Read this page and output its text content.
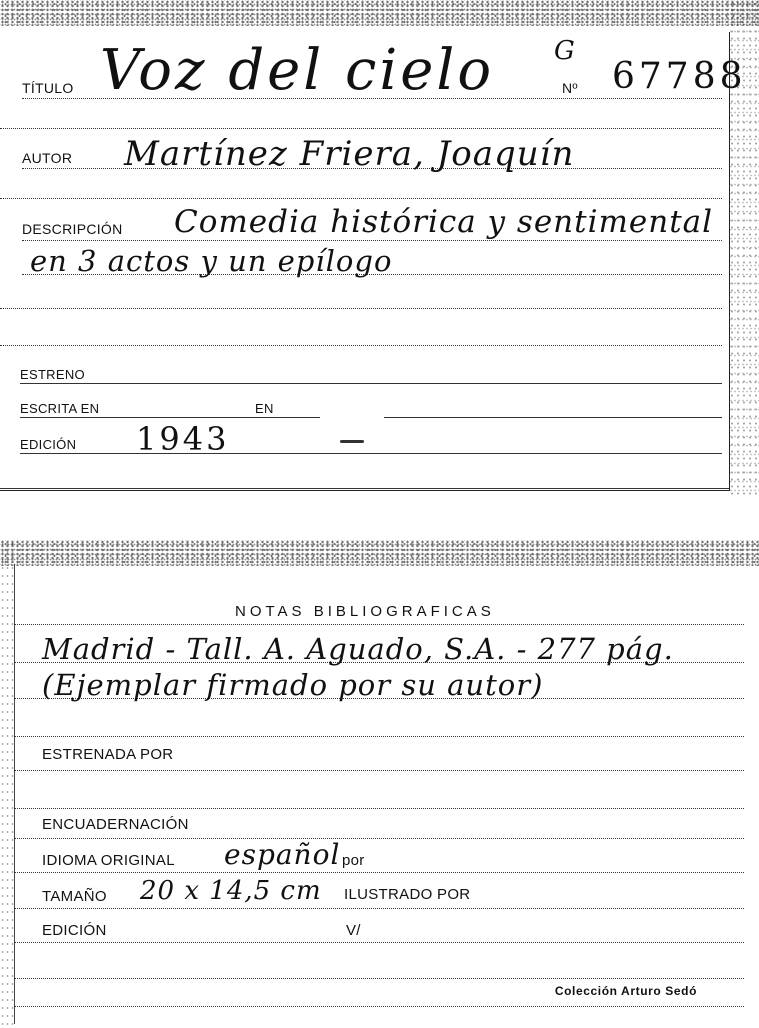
TÍTULO Voz del cielo G
Nº 67788
AUTOR Martínez Friera, Joaquín
DESCRIPCIÓN Comedia histórica y sentimental
en 3 actos y un epílogo
ESTRENO
ESCRITA EN	EN
EDICIÓN 1943
NOTAS BIBLIOGRAFICAS
Madrid - Tall. A. Aguado, S.A. - 277 pág.
(Ejemplar firmado por su autor)
ESTRENADA POR
ENCUADERNACIÓN
IDIOMA ORIGINAL español por
TAMAÑO 20 x 14,5 cm ILUSTRADO POR
EDICIÓN	V/
Colección Arturo Sedó
